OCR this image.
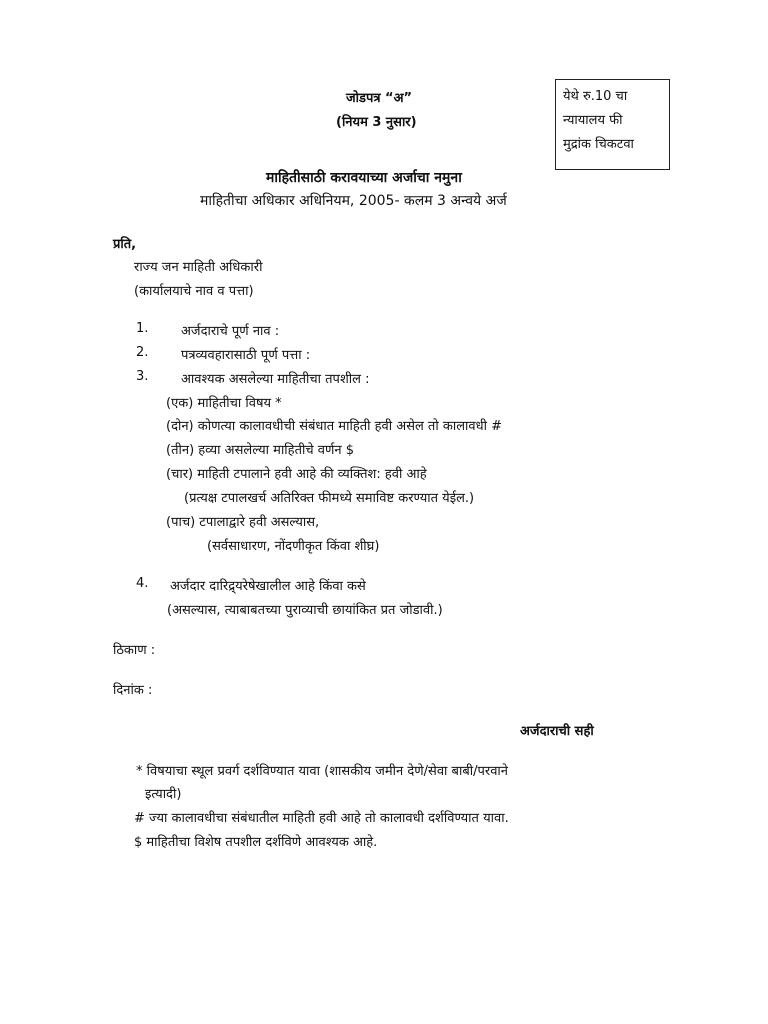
जोडपत्र “अ”
(नियम 3 नुसार)
येथे रु.10 चा
न्यायालय फी
मुद्रांक चिकटवा
माहितीसाठी करावयाच्या अर्जाचा नमुना
माहितीचा अधिकार अधिनियम, 2005- कलम 3 अन्वये अर्ज
प्रति,
राज्य जन माहिती अधिकारी
(कार्यालयाचे नाव व पत्ता)
1.	अर्जदाराचे पूर्ण नाव :
2.	पत्रव्यवहारासाठी पूर्ण पत्ता :
3.	आवश्यक असलेल्या माहितीचा तपशील :
(एक) माहितीचा विषय *
(दोन) कोणत्या कालावधीची संबंधात माहिती हवी असेल तो कालावधी #
(तीन) हव्या असलेल्या माहितीचे वर्णन $
(चार) माहिती टपालाने हवी आहे की व्यक्तिश: हवी आहे
(प्रत्यक्ष टपालखर्च अतिरिक्त फीमध्ये समाविष्ट करण्यात येईल.)
(पाच) टपालाद्वारे हवी असल्यास,
(सर्वसाधारण, नोंदणीकृत किंवा शीघ्र)
4. अर्जदार दारिद्र्यरेषेखालील आहे किंवा कसे
(असल्यास, त्याबाबतच्या पुराव्याची छायांकित प्रत जोडावी.)
ठिकाण :
दिनांक :
अर्जदाराची सही
* विषयाचा स्थूल प्रवर्ग दर्शविण्यात यावा (शासकीय जमीन देणे/सेवा बाबी/परवाने
इत्यादी)
# ज्या कालावधीचा संबंधातील माहिती हवी आहे तो कालावधी दर्शविण्यात यावा.
$ माहितीचा विशेष तपशील दर्शविणे आवश्यक आहे.
